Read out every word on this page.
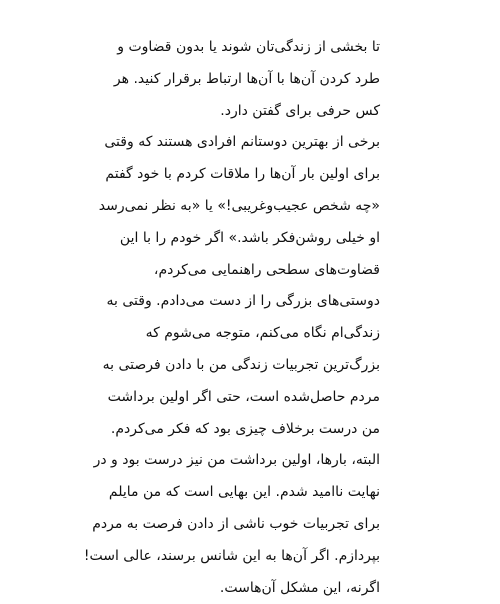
تا بخشی از زندگی‌تان شوند یا بدون قضاوت و
طرد کردن آن‌ها با آن‌ها ارتباط برقرار کنید. هر
کس حرفی برای گفتن دارد.
برخی از بهترین دوستانم افرادی هستند که وقتی
برای اولین بار آن‌ها را ملاقات کردم با خود گفتم
«چه شخص عجیب‌وغریبی!» یا «به نظر نمی‌رسد
او خیلی روشن‌فکر باشد.» اگر خودم را با این
قضاوت‌های سطحی راهنمایی می‌کردم،
دوستی‌های بزرگی را از دست می‌دادم. وقتی به
زندگی‌ام نگاه می‌کنم، متوجه می‌شوم که
بزرگ‌ترین تجربیات زندگی من با دادن فرصتی به
مردم حاصل‌شده است، حتی اگر اولین برداشت
من درست برخلاف چیزی بود که فکر می‌کردم.
البته، بارها، اولین برداشت من نیز درست بود و در
نهایت ناامید شدم. این بهایی است که من مایلم
برای تجربیات خوب ناشی از دادن فرصت به مردم
بپردازم. اگر آن‌ها به این شانس برسند، عالی است!
اگرنه، این مشکل آن‌هاست.
